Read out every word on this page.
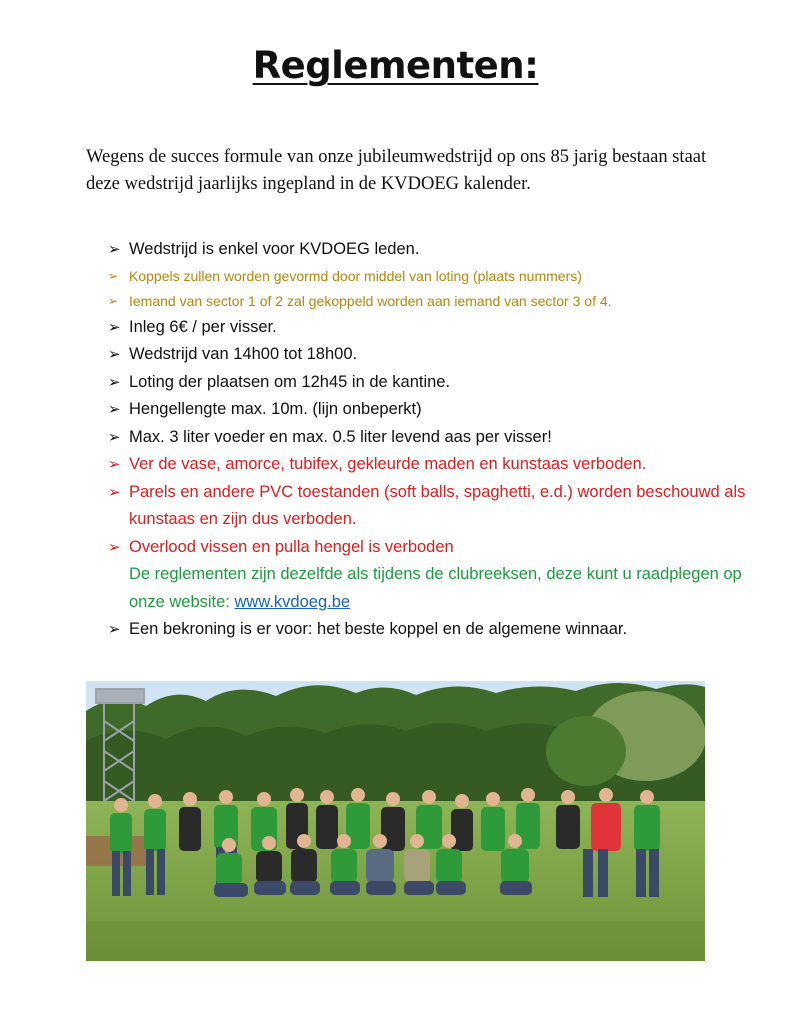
Reglementen:
Wegens de succes formule van onze jubileumwedstrijd op ons 85 jarig bestaan staat deze wedstrijd jaarlijks ingepland in de KVDOEG kalender.
➢ Wedstrijd is enkel voor KVDOEG leden.
➢ Koppels zullen worden gevormd door middel van loting (plaats nummers)
➢ Iemand van sector 1 of 2 zal gekoppeld worden aan iemand van sector 3 of 4.
➢ Inleg 6€ / per visser.
➢ Wedstrijd van 14h00 tot 18h00.
➢ Loting der plaatsen om 12h45 in de kantine.
➢ Hengellengte max. 10m. (lijn onbeperkt)
➢ Max. 3 liter voeder en max. 0.5 liter levend aas per visser!
➢ Ver de vase, amorce, tubifex, gekleurde maden en kunstaas verboden.
➢ Parels en andere PVC toestanden (soft balls, spaghetti, e.d.) worden beschouwd als kunstaas en zijn dus verboden.
➢ Overlood vissen en pulla hengel is verboden
De reglementen zijn dezelfde als tijdens de clubreeksen, deze kunt u raadplegen op onze website: www.kvdoeg.be
➢ Een bekroning is er voor: het beste koppel en de algemene winnaar.
